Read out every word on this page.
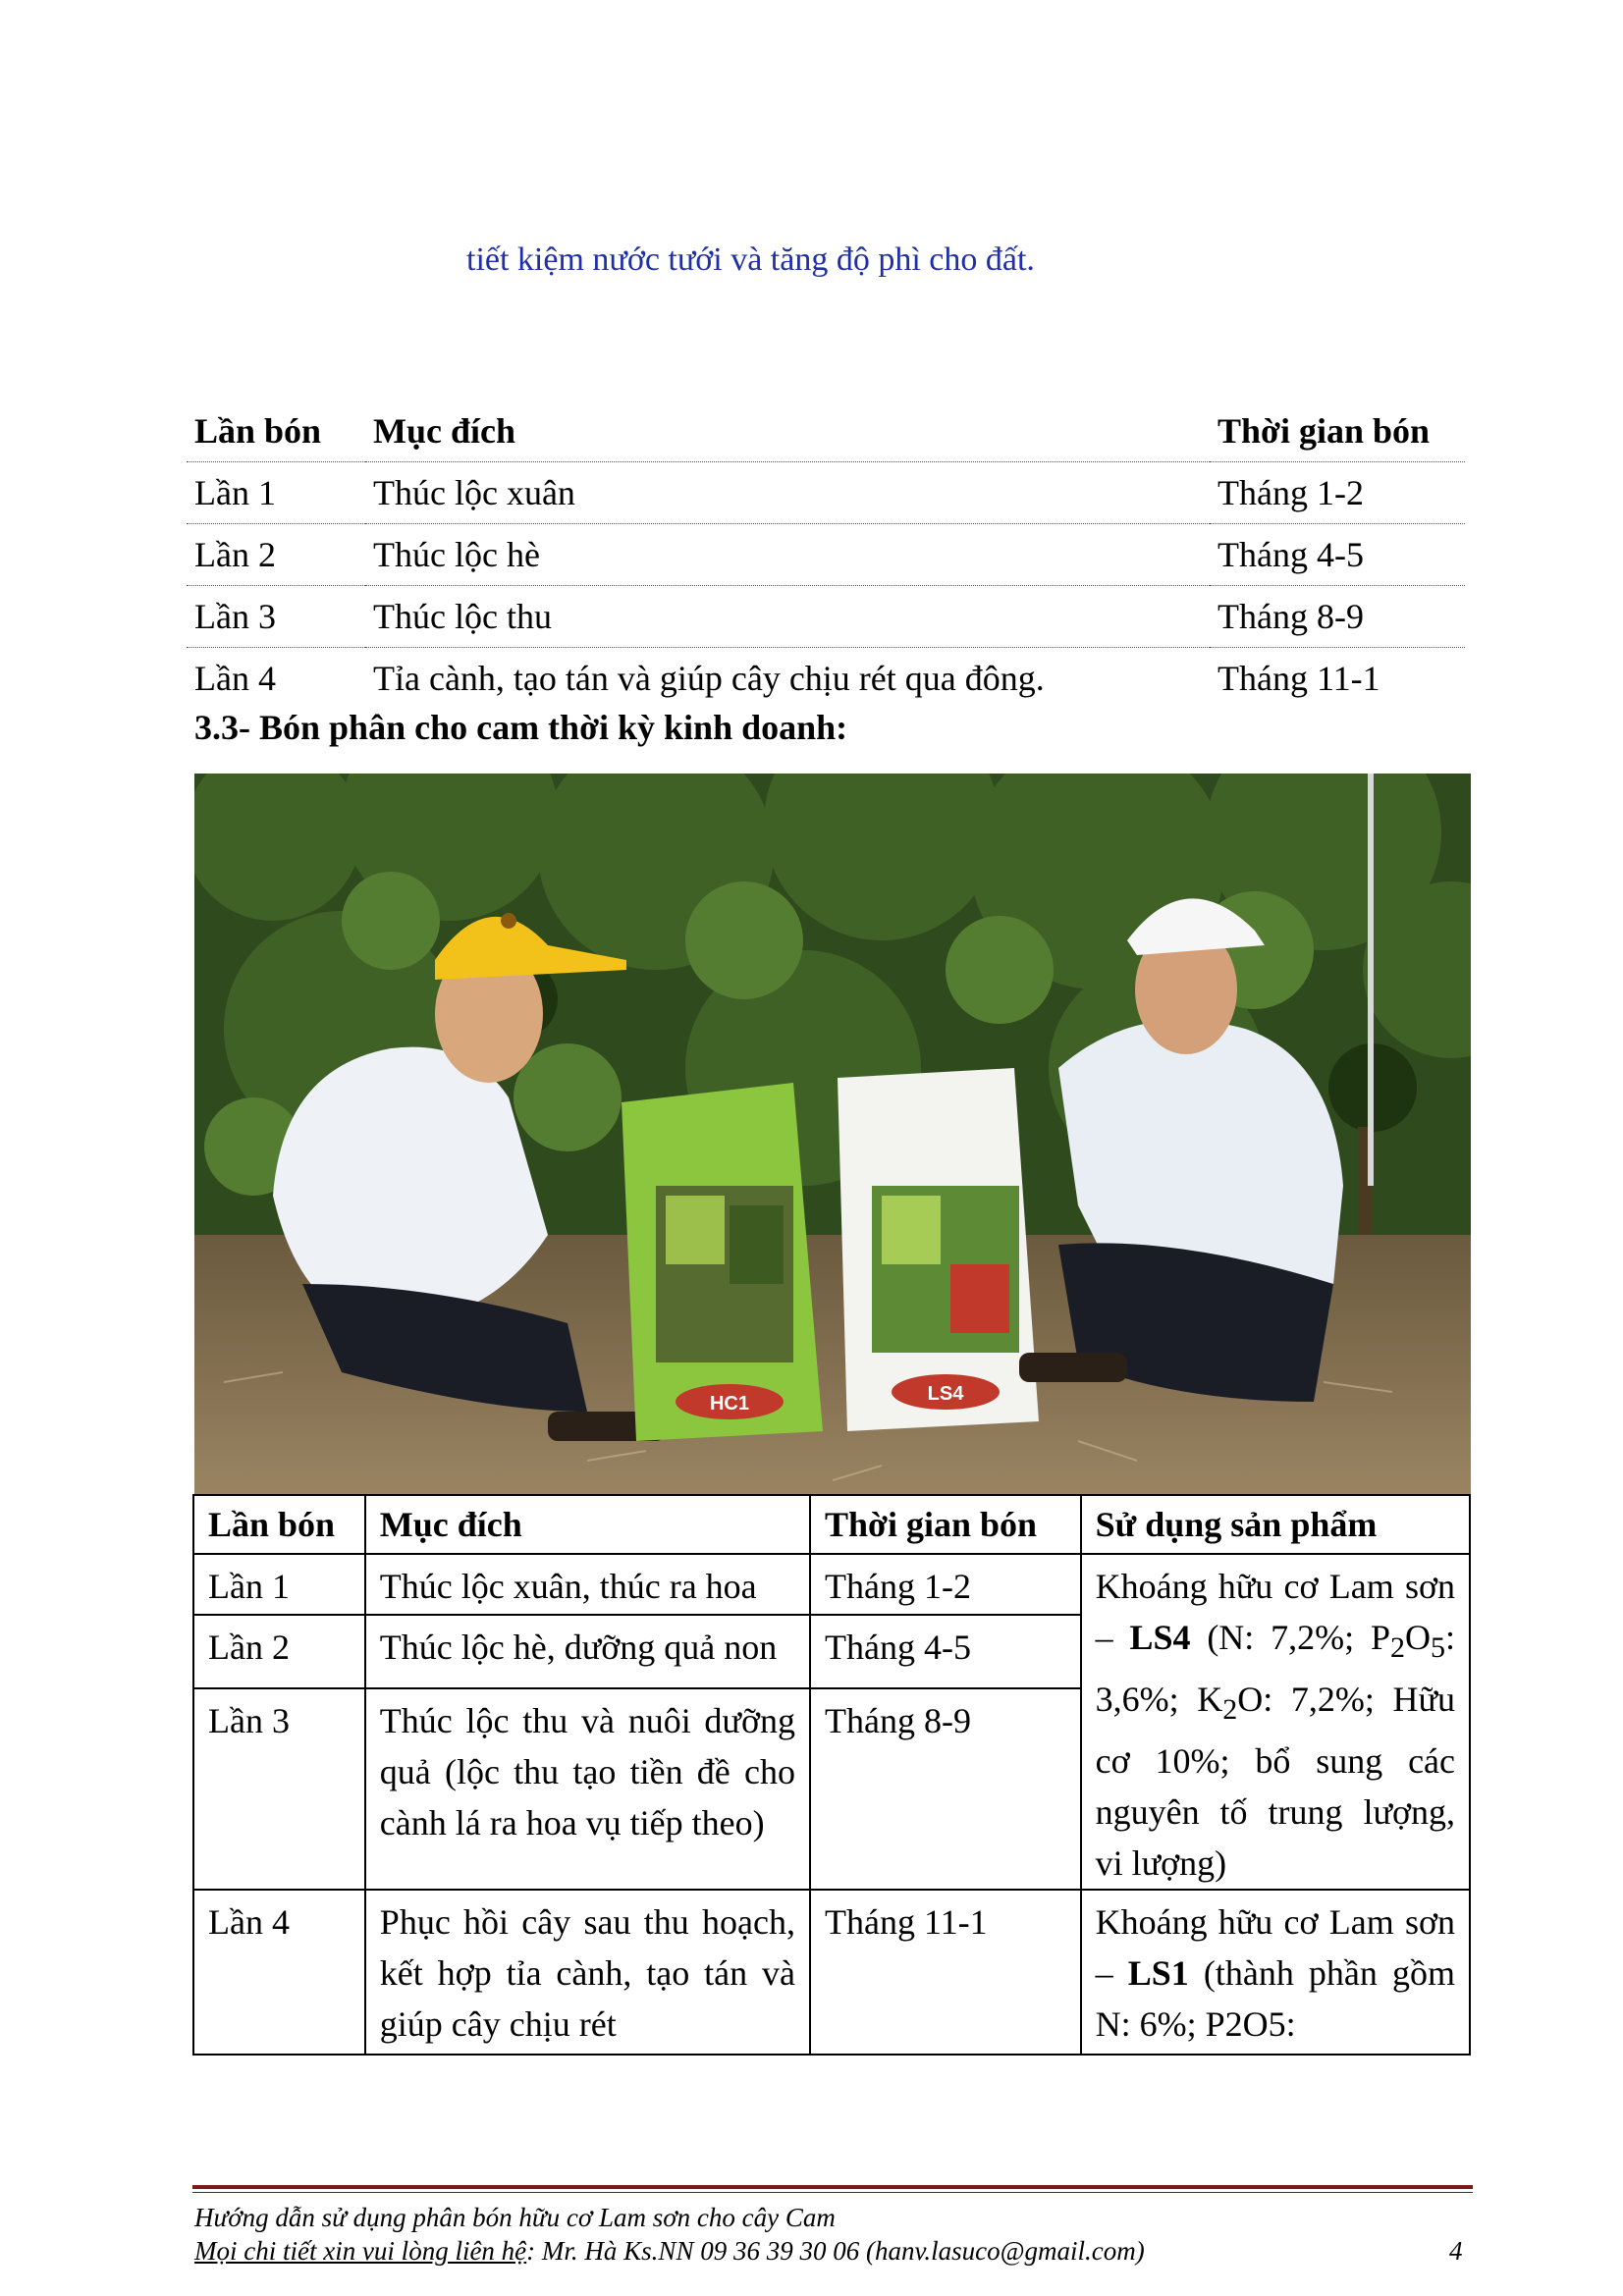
tiết kiệm nước tưới và tăng độ phì cho đất.
Lần bón	Mục đích	Thời gian bón
Lần 1	Thúc lộc xuân	Tháng 1-2
Lần 2	Thúc lộc hè	Tháng 4-5
Lần 3	Thúc lộc thu	Tháng 8-9
Lần 4	Tỉa cành, tạo tán và giúp cây chịu rét qua đông.	Tháng 11-1
3.3- Bón phân cho cam thời kỳ kinh doanh:
HC1	LS4
Lần bón	Mục đích	Thời gian bón	Sử dụng sản phẩm
Lần 1	Thúc lộc xuân, thúc ra hoa	Tháng 1-2	Khoáng hữu cơ Lam sơn – LS4 (N: 7,2%; $P_2O_5$: 3,6%; $K_2O$: 7,2%; Hữu cơ 10%; bổ sung các nguyên tố trung lượng, vi lượng)
Lần 2	Thúc lộc hè, dưỡng quả non	Tháng 4-5	
Lần 3	Thúc lộc thu và nuôi dưỡng quả (lộc thu tạo tiền đề cho cành lá ra hoa vụ tiếp theo)	Tháng 8-9	
Lần 4	Phục hồi cây sau thu hoạch, kết hợp tỉa cành, tạo tán và giúp cây chịu rét	Tháng 11-1	Khoáng hữu cơ Lam sơn – LS1 (thành phần gồm N: 6%; P2O5:
Hướng dẫn sử dụng phân bón hữu cơ Lam sơn cho cây Cam
Mọi chi tiết xin vui lòng liên hệ: Mr. Hà Ks.NN 09 36 39 30 06 (hanv.lasuco@gmail.com)	4
